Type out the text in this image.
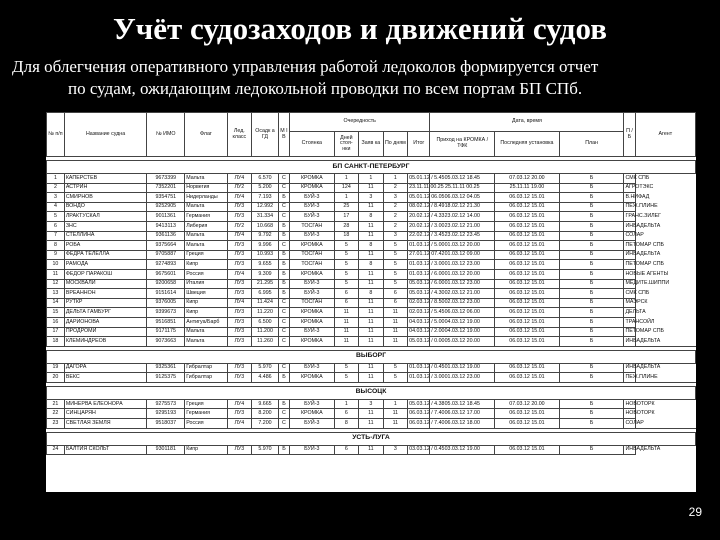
Учёт судозаходов и движений судов
Для облегчения оперативного управления работой ледоколов формируется отчет
по судам, ожидающим ледокольной проводки по всем портам БП СПб.
№ п/п	Название судна	№ ИМО	Флаг	Лед. класс	Осадк а ГД	М I В	Очередность					Дата, время			П / Б	Агент
							Стоянка	Дней стоя- нки	Заяв ка	По дням	Итог	Приход на КРОМКА / ТФК	Последняя установка	План		

БП САНКТ-ПЕТЕРБУРГ																
1	КАПЕРСТЕВ	9673399	Мальта	ЛУ4	6.570	С	КРОМКА	1	1	1	05.01.12 / 5.45	05.03.12 18.45	07.03.12 20.00	Б	СМК СПБ	
2	АСТРИН	7352201	Норвегия	ЛУ2	5.200	С	КРОМКА	124	11	2	23.11.11 00.25	25.11.11 00.25	25.11.11 19.00	Б	АГРОТЭКС	
3	СМИРНОВ	9354751	Нидерланды	ЛУ4	7.193	Б	БУЙ-3	1	3	3	05.01.12 06.05	06.03.12 04.05	06.03.12 15.01	Б	В.НИФАД	
4	ВОНДО	9252905	Мальта	ЛУ3	12.992	С	БУЙ-3	25	11	2	08.02.12 / 8.49	18.02.12 21.30	06.03.12 15.01	Б	ПЕЖ.ПЛИНЕ	
5	ЛРАКТУСКАЛ	9011361	Германия	ЛУ3	31.334	С	БУЙ-3	17	8	2	20.02.12 / 4.33	23.02.12 14.00	06.03.12 15.01	Б	ГРАНС.ЗИЛЕГ	
6	ЗНС	9413113	Либерия	ЛУ2	10.668	Б	ТОСГАН	28	11	2	20.02.12 / 3.00	23.02.12 21.00	06.03.12 15.01	Б	ИНВАДЕЛЬТА	
7	СТЕЛЛИНА	9361136	Мальта	ЛУ4	9.792	Б	БУЙ-3	18	11	3	22.02.12 / 3.45	23.02.12 23.45	06.03.12 15.01	Б	СОЛАР	
8	РОБА	9375664	Мальта	ЛУ3	9.996	С	КРОМКА	5	8	5	01.03.12 / 5.00	01.03.12 20.00	06.03.12 15.01	Б	ПЕТОМАР СПБ	
9	ФЕДРА ТЕЛЕЛЛА	9705887	Греция	ЛУ3	10.993	Б	ТОСГАН	5	11	5	27.01.12 07.42	01.03.12 09.00	06.03.12 15.01	Б	ИНВАДЕЛЬТА	
10	РАМОДА	9274893	Кипр	ЛУ3	9.655	Б	ТОСГАН	5	8	5	01.03.12 / 3.00	01.03.12 23.00	06.03.12 15.01	Б	ПЕТОМАР СПБ	
11	ФЕДОР ПАРАКОШ	9675601	Россия	ЛУ4	9.309	Б	КРОМКА	5	11	5	01.03.12 / 6.00	01.03.12 20.00	06.03.12 15.01	Б	НОВЫЕ АГЕНТЫ	
12	МОСКВАЛИ	9200658	Италия	ЛУ3	21.295	Б	БУЙ-3	5	11	5	05.03.12 / 6.00	01.03.12 23.00	06.03.12 15.01	Б	МЕДИТЕ.ШИППИ	
13	ВРЕАННОН	9151614	Швеция	ЛУ3	6.995	Б	БУЙ-3	6	8	6	05.03.12 / 4.30	02.03.12 21.00	06.03.12 15.01	Б	СМК СПБ	
14	РУТКР	9376005	Кипр	ЛУ4	11.424	С	ТОСГАН	6	11	6	02.03.12 / 8.50	02.03.12 23.00	06.03.12 15.01	Б	МАЭРСК	
15	ДЕЛЬТА ГАМБУРГ	9399673	Кипр	ЛУ3	11.220	С	КРОМКА	11	11	11	02.03.12 / 5.45	06.03.12 06.00	06.03.12 15.01	Б	ДЕЛЬТА	
16	ДАРИОНОВА	9516851	Антигуа/Барб	ЛУ3	6.500	С	КРОМКА	11	11	11	04.03.12 / 5.00	04.03.12 19.00	06.03.12 15.01	Б	ТРАНСОЙЛ	
17	ПРОДРОМИ	9171175	Мальта	ЛУ3	11.200	С	БУЙ-3	11	11	11	04.03.12 / 2.00	04.03.12 19.00	06.03.12 15.01	Б	ПЕТОМАР СПБ	
18	КЛЕМИНДРЕОВ	9073663	Мальта	ЛУ3	11.260	С	КРОМКА	11	11	11	05.03.12 / 0.00	05.03.12 20.00	06.03.12 15.01	Б	ИНВАДЕЛЬТА	

ВЫБОРГ																
19	ДАГОРА	9325361	Гибралтар	ЛУ3	5.970	С	БУЙ-3	5	11	5	01.03.12 / 0.45	01.03.12 19.00	06.03.12 15.01	Б	ИНВАДЕЛЬТА	
20	ВЕКС	9125375	Гибралтар	ЛУ3	4.486	Б	КРОМКА	5	11	5	01.03.12 / 3.00	01.03.12 23.00	06.03.12 15.01	Б	ПЕЖ.ПЛИНЕ	

ВЫСОЦК																
21	МИНЕРВА ЕЛЕОНОРА	9275573	Греция	ЛУ4	9.665	Б	БУЙ-3	1	3	1	05.03.12 / 4.38	05.03.12 18.45	07.03.12 20.00	Б	НОВОТОРК	
22	СИНЦАРЯН	9295193	Германия	ЛУ3	8.200	С	КРОМКА	6	11	11	06.03.12 / 7.40	06.03.12 17.00	06.03.12 15.01	Б	НОВОТОРК	
23	СВЕТЛАЯ ЗЕМЛЯ	9518037	Россия	ЛУ4	7.200	С	БУЙ-3	8	11	11	06.03.12 / 7.40	06.03.12 18.00	06.03.12 15.01	Б	СОЛАР	

УСТЬ-ЛУГА																
24	БАЛТИЯ СКОЛЬТ	9301181	Кипр	ЛУ3	5.970	Б	БУЙ-3	6	11	3	03.03.12 / 0.45	03.03.12 19.00	06.03.12 15.01	Б	ИНВАДЕЛЬТА	
29
